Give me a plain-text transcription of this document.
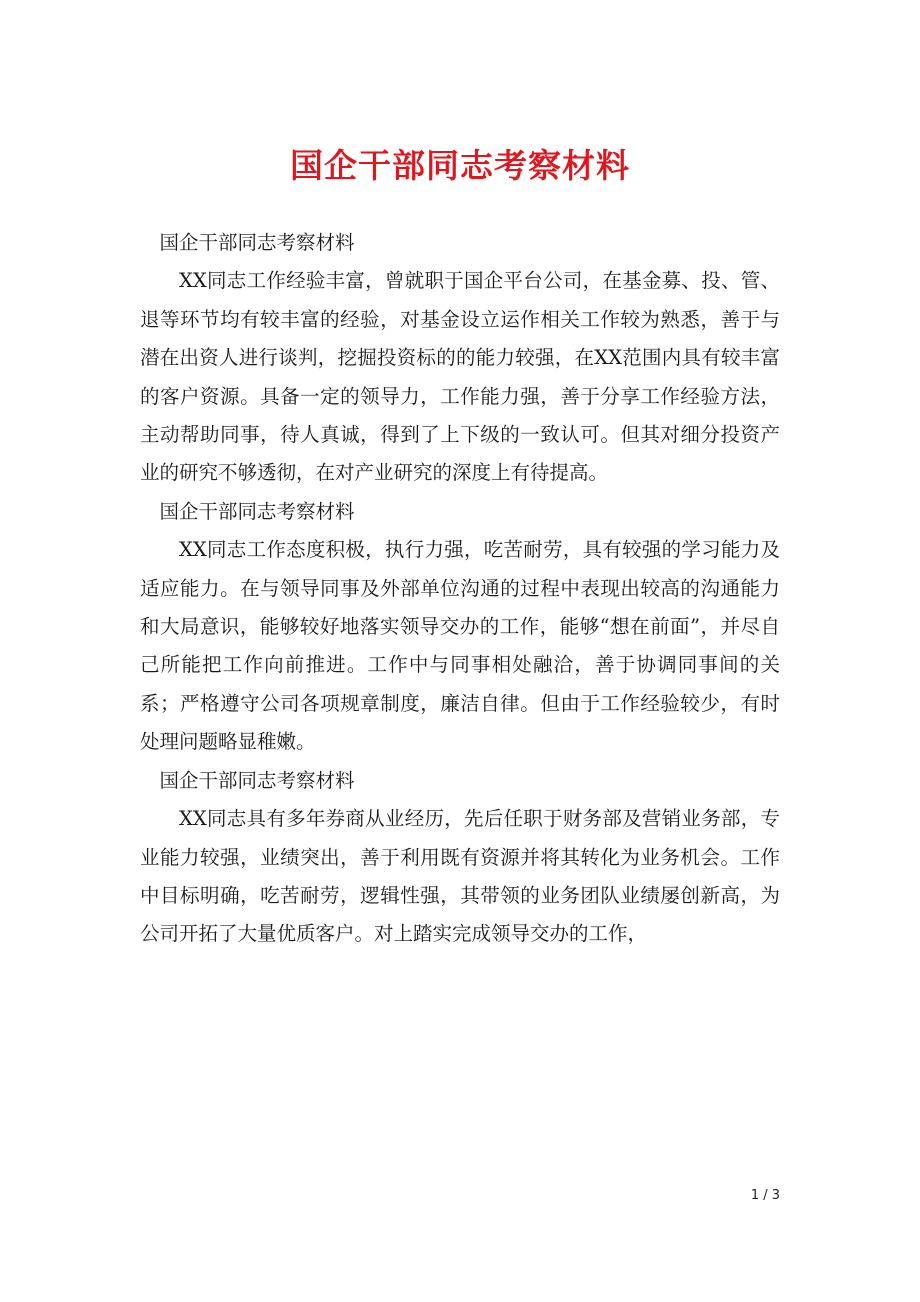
国企干部同志考察材料

国企干部同志考察材料

XX同志工作经验丰富，曾就职于国企平台公司，在基金募、投、管、退等环节均有较丰富的经验，对基金设立运作相关工作较为熟悉，善于与潜在出资人进行谈判，挖掘投资标的的能力较强，在XX范围内具有较丰富的客户资源。具备一定的领导力，工作能力强，善于分享工作经验方法，主动帮助同事，待人真诚，得到了上下级的一致认可。但其对细分投资产业的研究不够透彻，在对产业研究的深度上有待提高。

国企干部同志考察材料

XX同志工作态度积极，执行力强，吃苦耐劳，具有较强的学习能力及适应能力。在与领导同事及外部单位沟通的过程中表现出较高的沟通能力和大局意识，能够较好地落实领导交办的工作，能够“想在前面”，并尽自己所能把工作向前推进。工作中与同事相处融洽，善于协调同事间的关系；严格遵守公司各项规章制度，廉洁自律。但由于工作经验较少，有时处理问题略显稚嫩。

国企干部同志考察材料

XX同志具有多年券商从业经历，先后任职于财务部及营销业务部，专业能力较强，业绩突出，善于利用既有资源并将其转化为业务机会。工作中目标明确，吃苦耐劳，逻辑性强，其带领的业务团队业绩屡创新高，为公司开拓了大量优质客户。对上踏实完成领导交办的工作，

1 / 3
